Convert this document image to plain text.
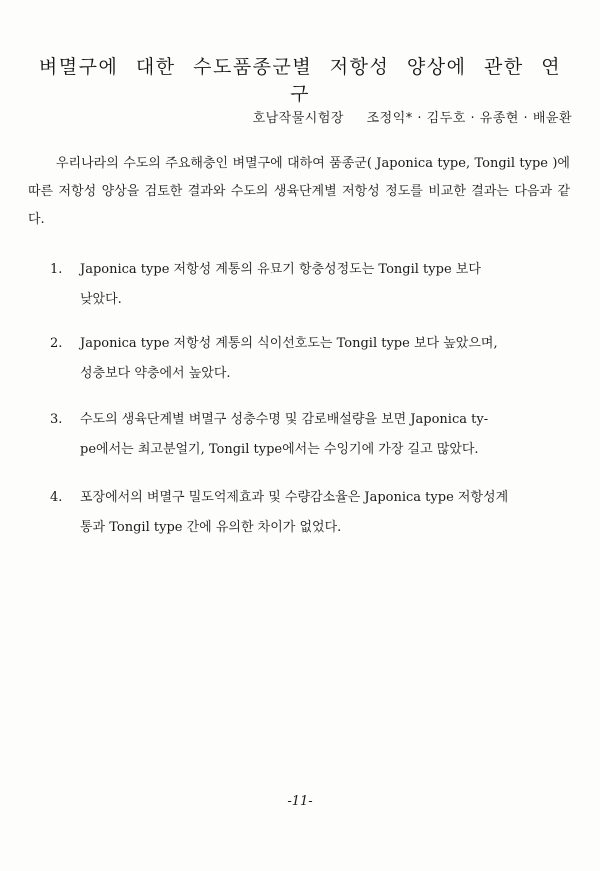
벼멸구에 대한 수도품종군별 저항성 양상에 관한 연구
호남작물시험장 조정익* · 김두호 · 유종현 · 배윤환

우리나라의 수도의 주요해충인 벼멸구에 대하여 품종군( Japonica type, Tongil type )에 따른 저항성 양상을 검토한 결과와 수도의 생육단계별 저항성 정도를 비교한 결과는 다음과 같다.

1.	Japonica type 저항성 계통의 유묘기 항충성정도는 Tongil type 보다
낮았다.
2.	Japonica type 저항성 계통의 식이선호도는 Tongil type 보다 높았으며,
성충보다 약충에서 높았다.
3.	수도의 생육단계별 벼멸구 성충수명 및 감로배설량을 보면 Japonica ty-
pe에서는 최고분얼기, Tongil type에서는 수잉기에 가장 길고 많았다.
4.	포장에서의 벼멸구 밀도억제효과 및 수량감소율은 Japonica type 저항성계
통과 Tongil type 간에 유의한 차이가 없었다.
-11-
